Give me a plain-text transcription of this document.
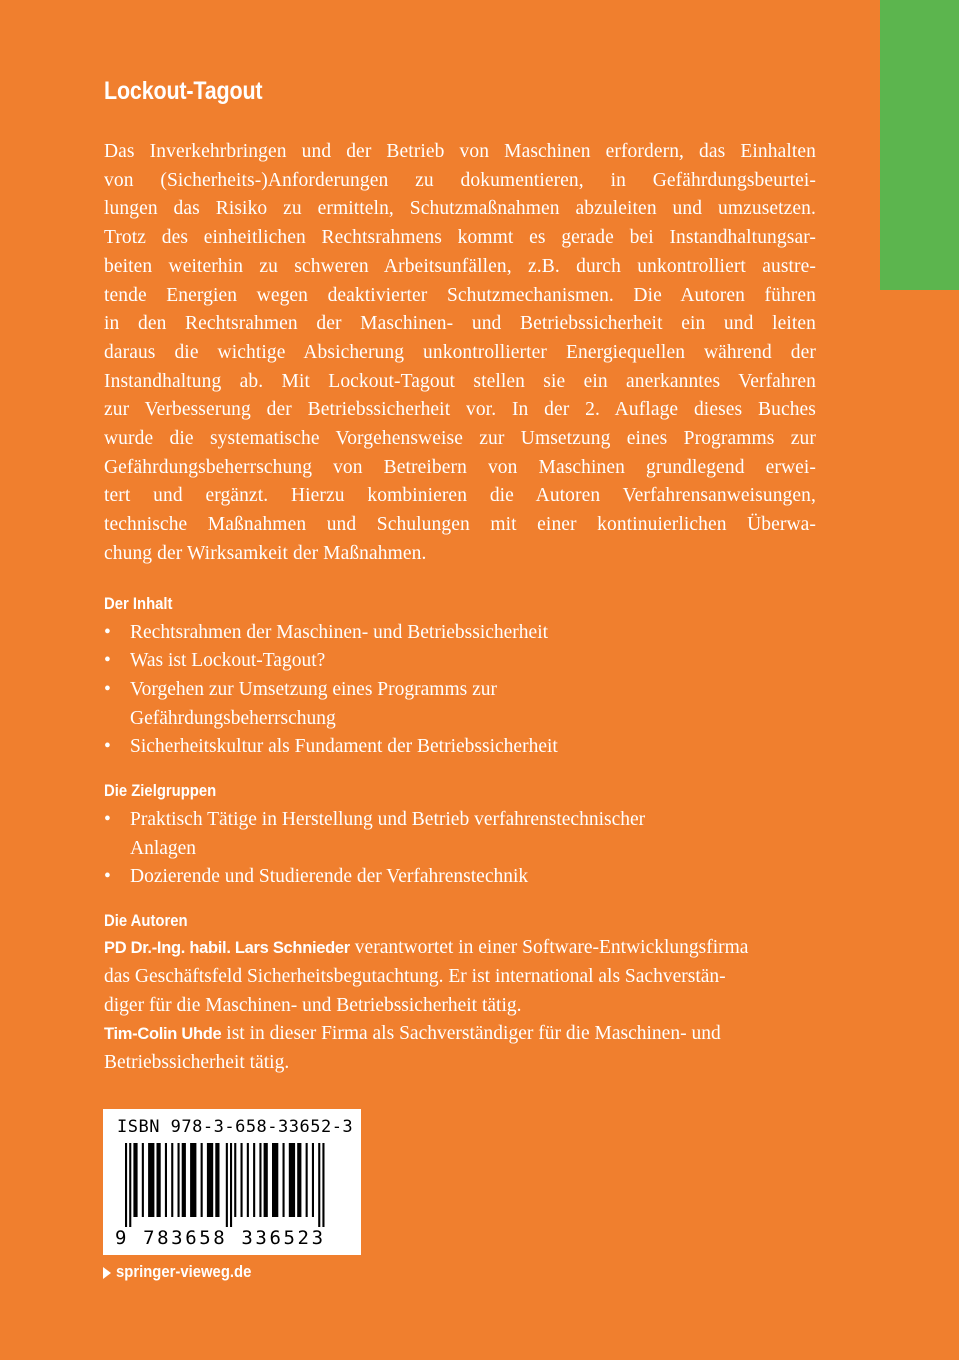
Lockout-Tagout
Das Inverkehrbringen und der Betrieb von Maschinen erfordern, das Einhalten
von (Sicherheits-)Anforderungen zu dokumentieren, in Gefährdungsbeurtei-
lungen das Risiko zu ermitteln, Schutzmaßnahmen abzuleiten und umzusetzen.
Trotz des einheitlichen Rechtsrahmens kommt es gerade bei Instandhaltungsar-
beiten weiterhin zu schweren Arbeitsunfällen, z.B. durch unkontrolliert austre-
tende Energien wegen deaktivierter Schutzmechanismen. Die Autoren führen
in den Rechtsrahmen der Maschinen- und Betriebssicherheit ein und leiten
daraus die wichtige Absicherung unkontrollierter Energiequellen während der
Instandhaltung ab. Mit Lockout-Tagout stellen sie ein anerkanntes Verfahren
zur Verbesserung der Betriebssicherheit vor. In der 2. Auflage dieses Buches
wurde die systematische Vorgehensweise zur Umsetzung eines Programms zur
Gefährdungsbeherrschung von Betreibern von Maschinen grundlegend erwei-
tert und ergänzt. Hierzu kombinieren die Autoren Verfahrensanweisungen,
technische Maßnahmen und Schulungen mit einer kontinuierlichen Überwa-
chung der Wirksamkeit der Maßnahmen.
Der Inhalt
• Rechtsrahmen der Maschinen- und Betriebssicherheit
• Was ist Lockout-Tagout?
• Vorgehen zur Umsetzung eines Programms zur
Gefährdungsbeherrschung
• Sicherheitskultur als Fundament der Betriebssicherheit
Die Zielgruppen
• Praktisch Tätige in Herstellung und Betrieb verfahrenstechnischer
Anlagen
• Dozierende und Studierende der Verfahrenstechnik
Die Autoren
PD Dr.-Ing. habil. Lars Schnieder verantwortet in einer Software-Entwicklungsfirma
das Geschäftsfeld Sicherheitsbegutachtung. Er ist international als Sachverstän-
diger für die Maschinen- und Betriebssicherheit tätig.
Tim-Colin Uhde ist in dieser Firma als Sachverständiger für die Maschinen- und
Betriebssicherheit tätig.
ISBN 978-3-658-33652-3
9 783658 336523
springer-vieweg.de
